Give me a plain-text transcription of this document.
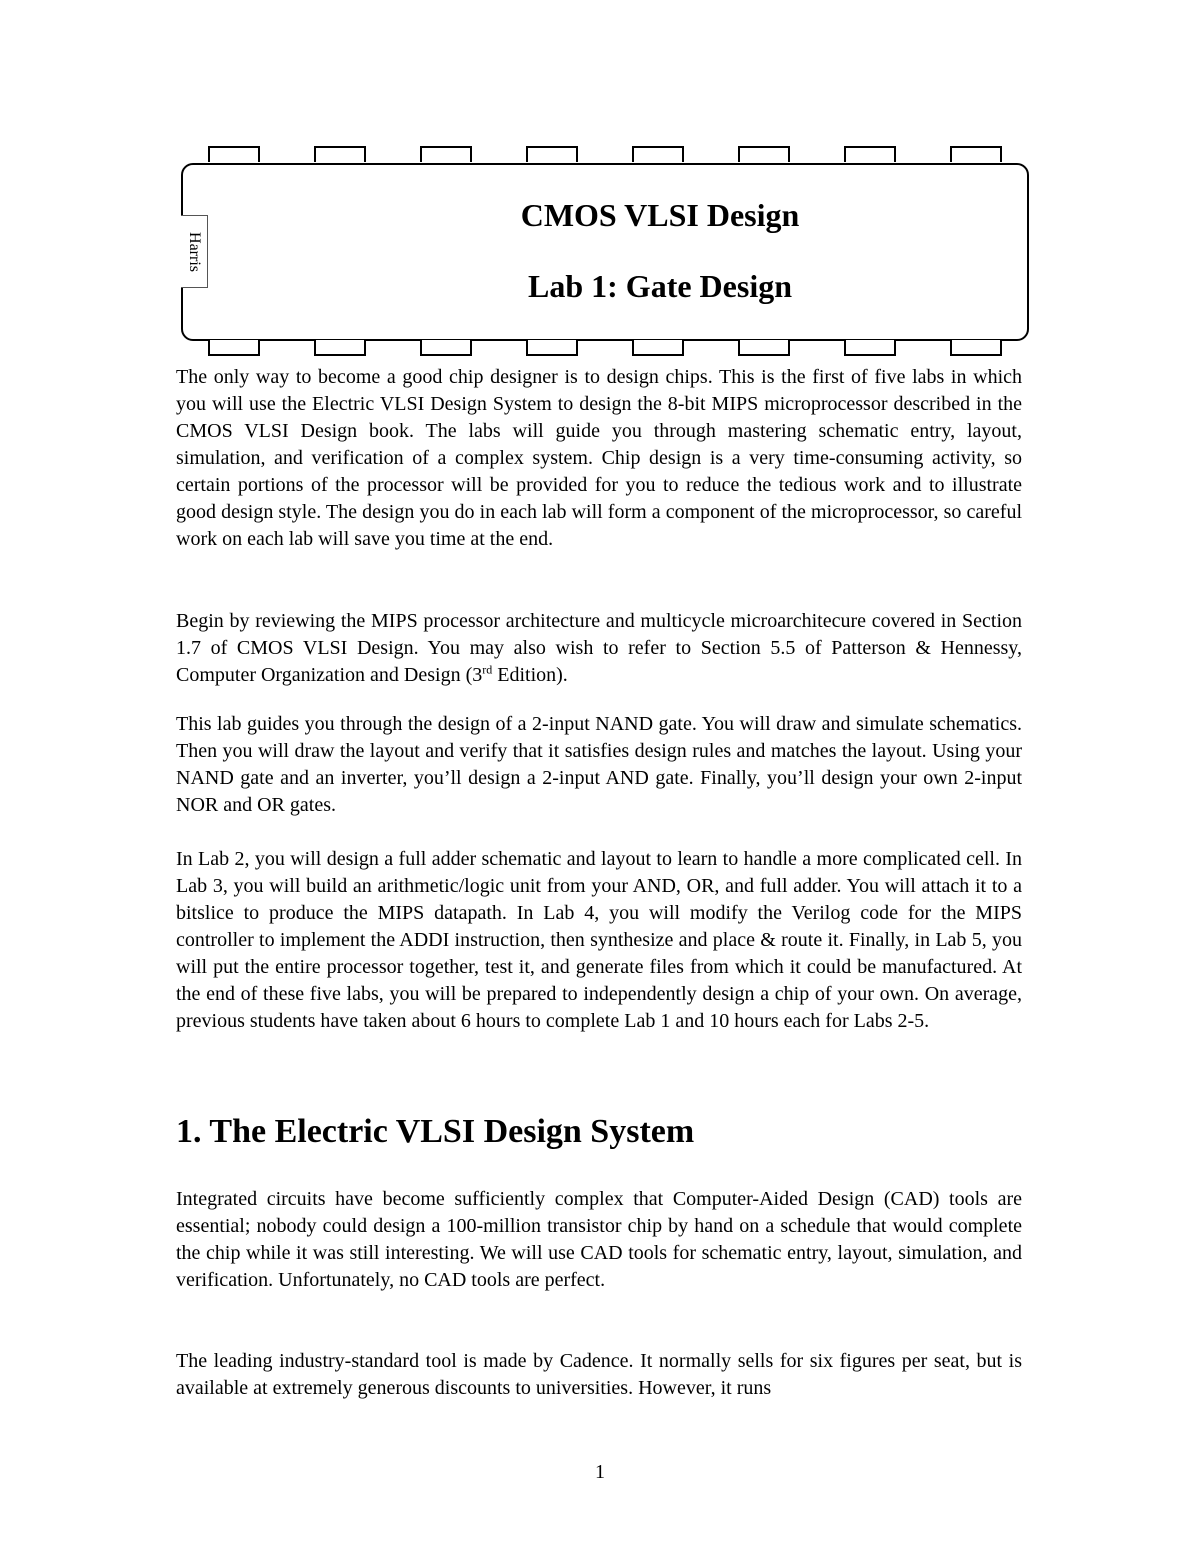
Harris
CMOS VLSI Design
Lab 1: Gate Design

The only way to become a good chip designer is to design chips. This is the first of five labs in which you will use the Electric VLSI Design System to design the 8-bit MIPS microprocessor described in the CMOS VLSI Design book. The labs will guide you through mastering schematic entry, layout, simulation, and verification of a complex system. Chip design is a very time-consuming activity, so certain portions of the processor will be provided for you to reduce the tedious work and to illustrate good design style. The design you do in each lab will form a component of the microprocessor, so careful work on each lab will save you time at the end.

Begin by reviewing the MIPS processor architecture and multicycle microarchitecure covered in Section 1.7 of CMOS VLSI Design. You may also wish to refer to Section 5.5 of Patterson & Hennessy, Computer Organization and Design (3rd Edition).

This lab guides you through the design of a 2-input NAND gate. You will draw and simulate schematics. Then you will draw the layout and verify that it satisfies design rules and matches the layout. Using your NAND gate and an inverter, you’ll design a 2-input AND gate. Finally, you’ll design your own 2-input NOR and OR gates.

In Lab 2, you will design a full adder schematic and layout to learn to handle a more complicated cell. In Lab 3, you will build an arithmetic/logic unit from your AND, OR, and full adder. You will attach it to a bitslice to produce the MIPS datapath. In Lab 4, you will modify the Verilog code for the MIPS controller to implement the ADDI instruction, then synthesize and place & route it. Finally, in Lab 5, you will put the entire processor together, test it, and generate files from which it could be manufactured. At the end of these five labs, you will be prepared to independently design a chip of your own. On average, previous students have taken about 6 hours to complete Lab 1 and 10 hours each for Labs 2-5.

1. The Electric VLSI Design System

Integrated circuits have become sufficiently complex that Computer-Aided Design (CAD) tools are essential; nobody could design a 100-million transistor chip by hand on a schedule that would complete the chip while it was still interesting. We will use CAD tools for schematic entry, layout, simulation, and verification. Unfortunately, no CAD tools are perfect.

The leading industry-standard tool is made by Cadence. It normally sells for six figures per seat, but is available at extremely generous discounts to universities. However, it runs

1
